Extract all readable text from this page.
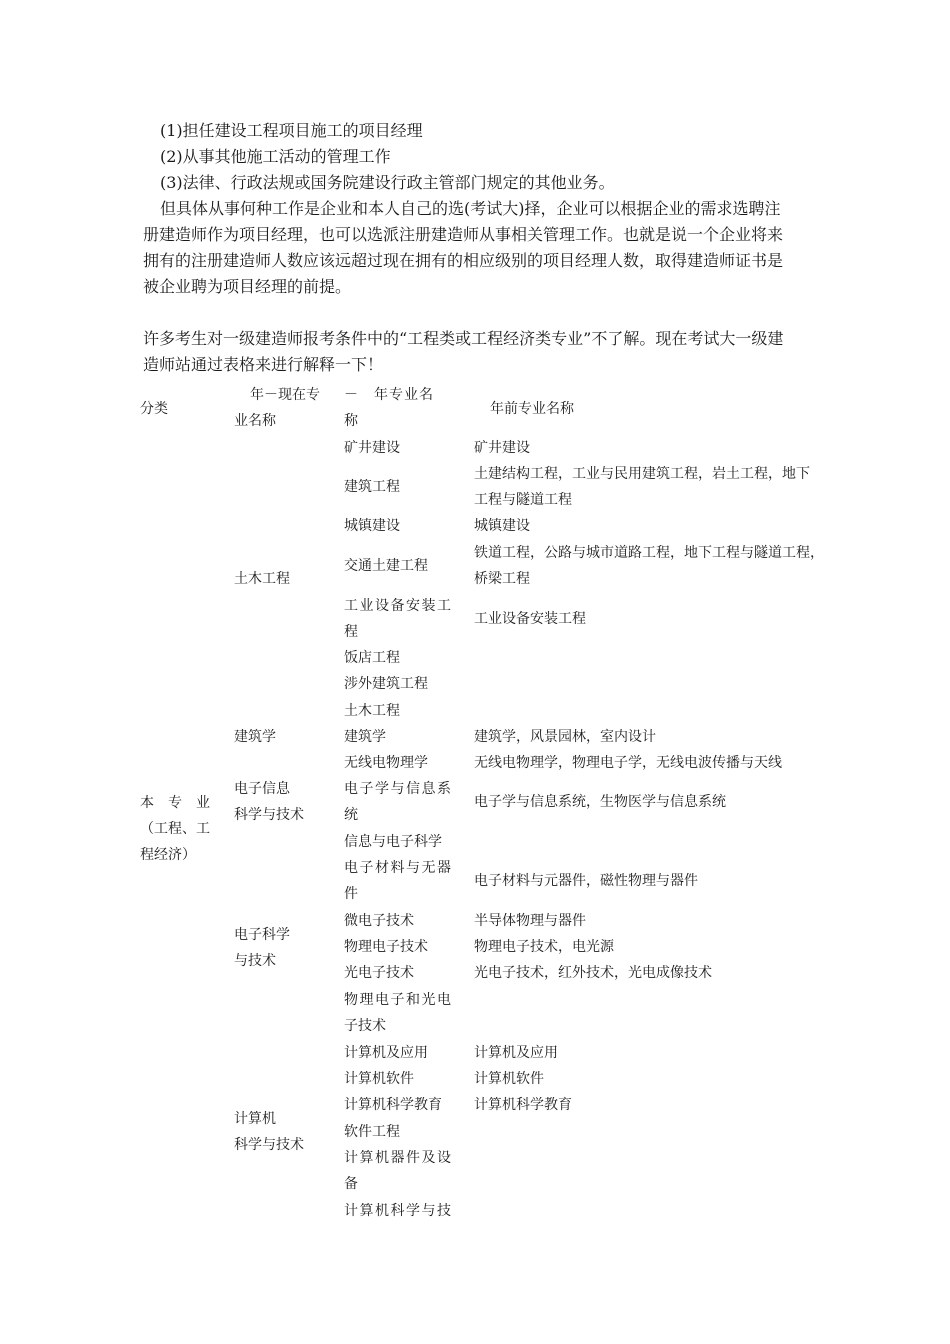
(1)担任建设工程项目施工的项目经理
(2)从事其他施工活动的管理工作
(3)法律、行政法规或国务院建设行政主管部门规定的其他业务。
但具体从事何种工作是企业和本人自己的选(考试大)择，企业可以根据企业的需求选聘注
册建造师作为项目经理，也可以选派注册建造师从事相关管理工作。也就是说一个企业将来
拥有的注册建造师人数应该远超过现在拥有的相应级别的项目经理人数，取得建造师证书是
被企业聘为项目经理的前提。
许多考生对一级建造师报考条件中的“工程类或工程经济类专业”不了解。现在考试大一级建
造师站通过表格来进行解释一下！
分类
年－现在专
业名称
－　年专业名
称
年前专业名称
本　专　业
（工程、工
程经济）
土木工程
建筑学
电子信息
科学与技术
电子科学
与技术
计算机
科学与技术
矿井建设
建筑工程
城镇建设
交通土建工程
工业设备安装工
程
饭店工程
涉外建筑工程
土木工程
建筑学
无线电物理学
电子学与信息系
统
信息与电子科学
电子材料与无器
件
微电子技术
物理电子技术
光电子技术
物理电子和光电
子技术
计算机及应用
计算机软件
计算机科学教育
软件工程
计算机器件及设
备
计算机科学与技
矿井建设
土建结构工程，工业与民用建筑工程，岩土工程，地下
工程与隧道工程
城镇建设
铁道工程，公路与城市道路工程，地下工程与隧道工程，
桥梁工程
工业设备安装工程
建筑学，风景园林，室内设计
无线电物理学，物理电子学，无线电波传播与天线
电子学与信息系统，生物医学与信息系统
电子材料与元器件，磁性物理与器件
半导体物理与器件
物理电子技术，电光源
光电子技术，红外技术，光电成像技术
计算机及应用
计算机软件
计算机科学教育
